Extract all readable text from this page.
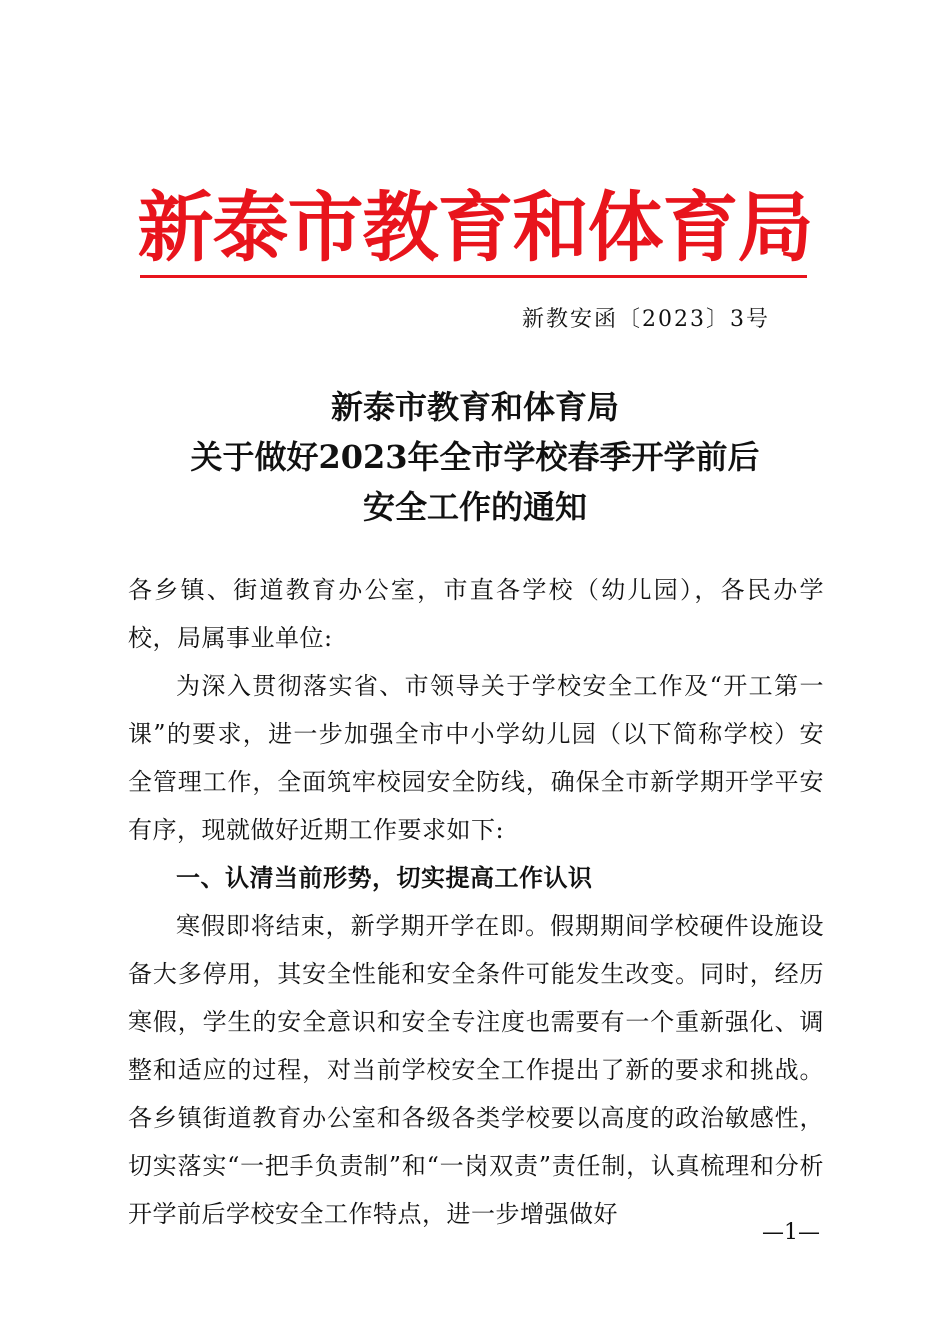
新泰市教育和体育局
新教安函〔2023〕3号
新泰市教育和体育局
关于做好2023年全市学校春季开学前后
安全工作的通知

各乡镇、街道教育办公室，市直各学校（幼儿园），各民办学校，局属事业单位:

为深入贯彻落实省、市领导关于学校安全工作及“开工第一课”的要求，进一步加强全市中小学幼儿园（以下简称学校）安全管理工作，全面筑牢校园安全防线，确保全市新学期开学平安有序，现就做好近期工作要求如下:

一、认清当前形势，切实提高工作认识

寒假即将结束，新学期开学在即。假期期间学校硬件设施设备大多停用，其安全性能和安全条件可能发生改变。同时，经历寒假，学生的安全意识和安全专注度也需要有一个重新强化、调整和适应的过程，对当前学校安全工作提出了新的要求和挑战。各乡镇街道教育办公室和各级各类学校要以高度的政治敏感性，切实落实“一把手负责制”和“一岗双责”责任制，认真梳理和分析开学前后学校安全工作特点，进一步增强做好

—1—
